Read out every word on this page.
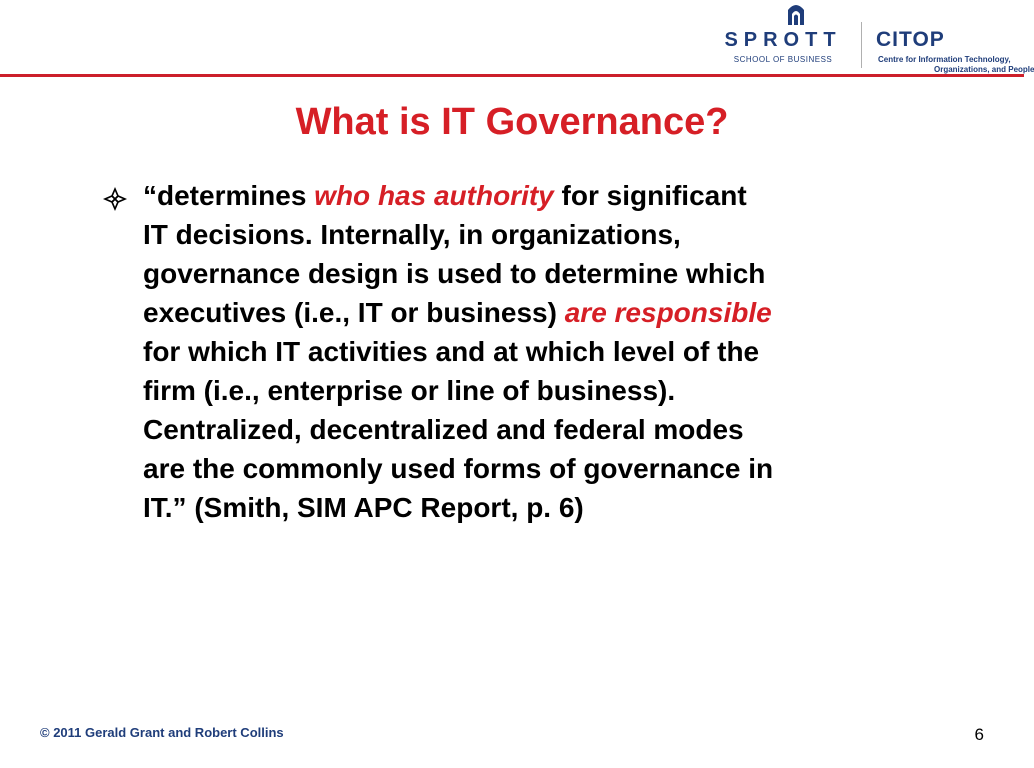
SPROTT
SCHOOL OF BUSINESS
CITOP
Centre for Information Technology,
Organizations, and People
What is IT Governance?

“determines who has authority for significant
IT decisions. Internally, in organizations,
governance design is used to determine which
executives (i.e., IT or business) are responsible
for which IT activities and at which level of the
firm (i.e., enterprise or line of business).
Centralized, decentralized and federal modes
are the commonly used forms of governance in
IT.” (Smith, SIM APC Report, p. 6)

© 2011 Gerald Grant and Robert Collins	6
